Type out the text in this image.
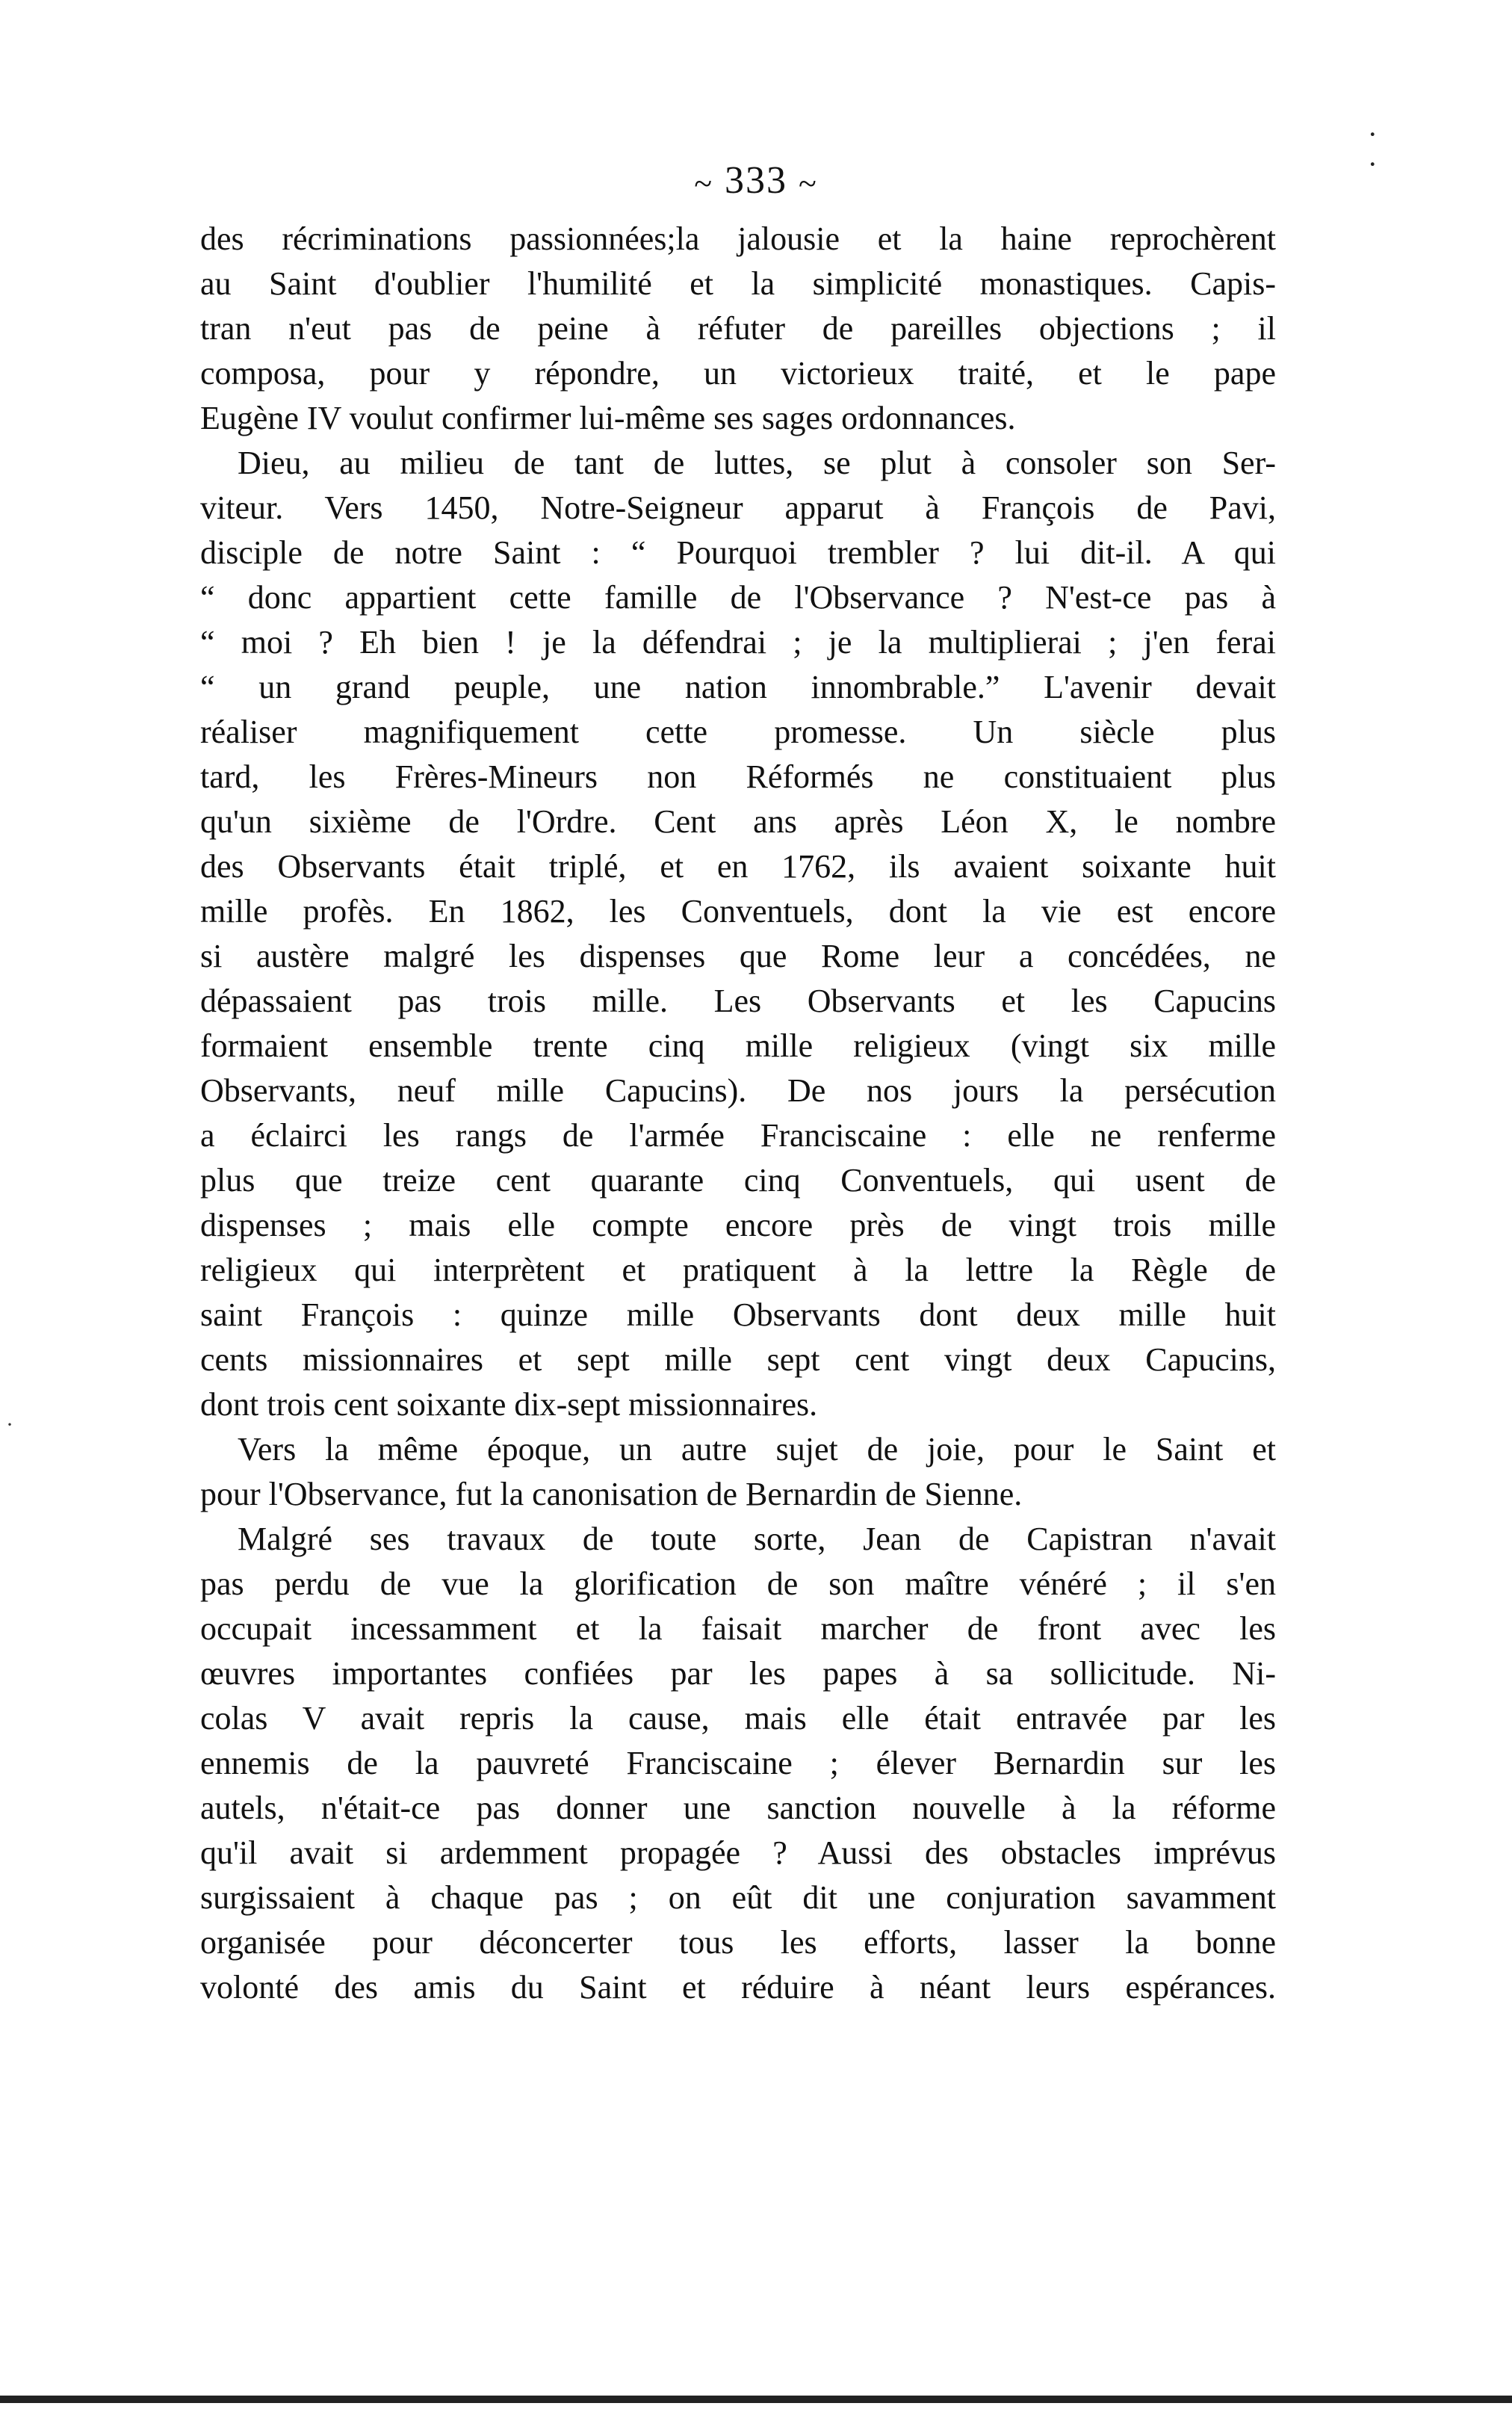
·
·
~ 333 ~
des récriminations passionnées;la jalousie et la haine reprochèrent
au Saint d'oublier l'humilité et la simplicité monastiques. Capis-
tran n'eut pas de peine à réfuter de pareilles objections ; il
composa, pour y répondre, un victorieux traité, et le pape
Eugène IV voulut confirmer lui-même ses sages ordonnances.
Dieu, au milieu de tant de luttes, se plut à consoler son Ser-
viteur. Vers 1450, Notre-Seigneur apparut à François de Pavi,
disciple de notre Saint : “ Pourquoi trembler ? lui dit-il. A qui
“ donc appartient cette famille de l'Observance ? N'est-ce pas à
“ moi ? Eh bien ! je la défendrai ; je la multiplierai ; j'en ferai
“ un grand peuple, une nation innombrable.” L'avenir devait
réaliser magnifiquement cette promesse. Un siècle plus
tard, les Frères-Mineurs non Réformés ne constituaient plus
qu'un sixième de l'Ordre. Cent ans après Léon X, le nombre
des Observants était triplé, et en 1762, ils avaient soixante huit
mille profès. En 1862, les Conventuels, dont la vie est encore
si austère malgré les dispenses que Rome leur a concédées, ne
dépassaient pas trois mille. Les Observants et les Capucins
formaient ensemble trente cinq mille religieux (vingt six mille
Observants, neuf mille Capucins). De nos jours la persécution
a éclairci les rangs de l'armée Franciscaine : elle ne renferme
plus que treize cent quarante cinq Conventuels, qui usent de
dispenses ; mais elle compte encore près de vingt trois mille
religieux qui interprètent et pratiquent à la lettre la Règle de
saint François : quinze mille Observants dont deux mille huit
cents missionnaires et sept mille sept cent vingt deux Capucins,
dont trois cent soixante dix-sept missionnaires.
Vers la même époque, un autre sujet de joie, pour le Saint et
pour l'Observance, fut la canonisation de Bernardin de Sienne.
Malgré ses travaux de toute sorte, Jean de Capistran n'avait
pas perdu de vue la glorification de son maître vénéré ; il s'en
occupait incessamment et la faisait marcher de front avec les
œuvres importantes confiées par les papes à sa sollicitude. Ni-
colas V avait repris la cause, mais elle était entravée par les
ennemis de la pauvreté Franciscaine ; élever Bernardin sur les
autels, n'était-ce pas donner une sanction nouvelle à la réforme
qu'il avait si ardemment propagée ? Aussi des obstacles imprévus
surgissaient à chaque pas ; on eût dit une conjuration savamment
organisée pour déconcerter tous les efforts, lasser la bonne
volonté des amis du Saint et réduire à néant leurs espérances.
·
